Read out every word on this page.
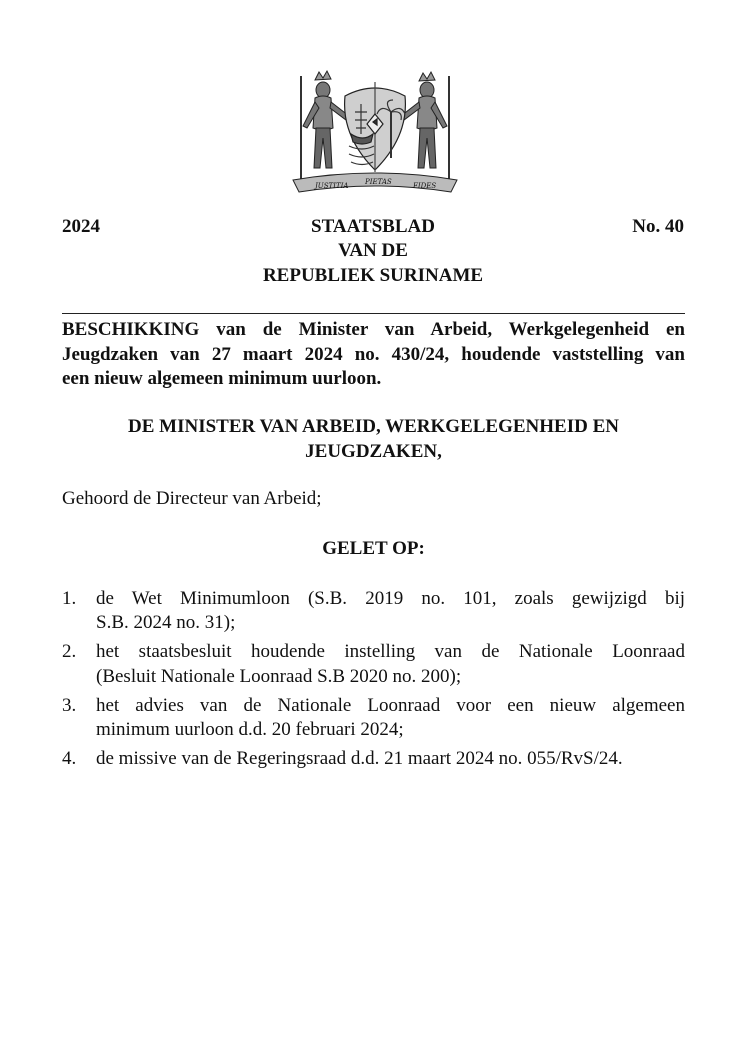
JUSTITIA PIETAS	FIDES
2024	STAATSBLAD
VAN DE
REPUBLIEK SURINAME
No. 40
BESCHIKKING van de Minister van Arbeid, Werkgelegenheid en
Jeugdzaken van 27 maart 2024 no. 430/24, houdende vaststelling van
een nieuw algemeen minimum uurloon.
DE MINISTER VAN ARBEID, WERKGELEGENHEID EN
JEUGDZAKEN,
Gehoord de Directeur van Arbeid;
GELET OP:
1. de Wet Minimumloon (S.B. 2019 no. 101, zoals gewijzigd bij
S.B. 2024 no. 31);
2. het staatsbesluit houdende instelling van de Nationale Loonraad
(Besluit Nationale Loonraad S.B 2020 no. 200);
3. het advies van de Nationale Loonraad voor een nieuw algemeen
minimum uurloon d.d. 20 februari 2024;
4. de missive van de Regeringsraad d.d. 21 maart 2024 no. 055/RvS/24.
